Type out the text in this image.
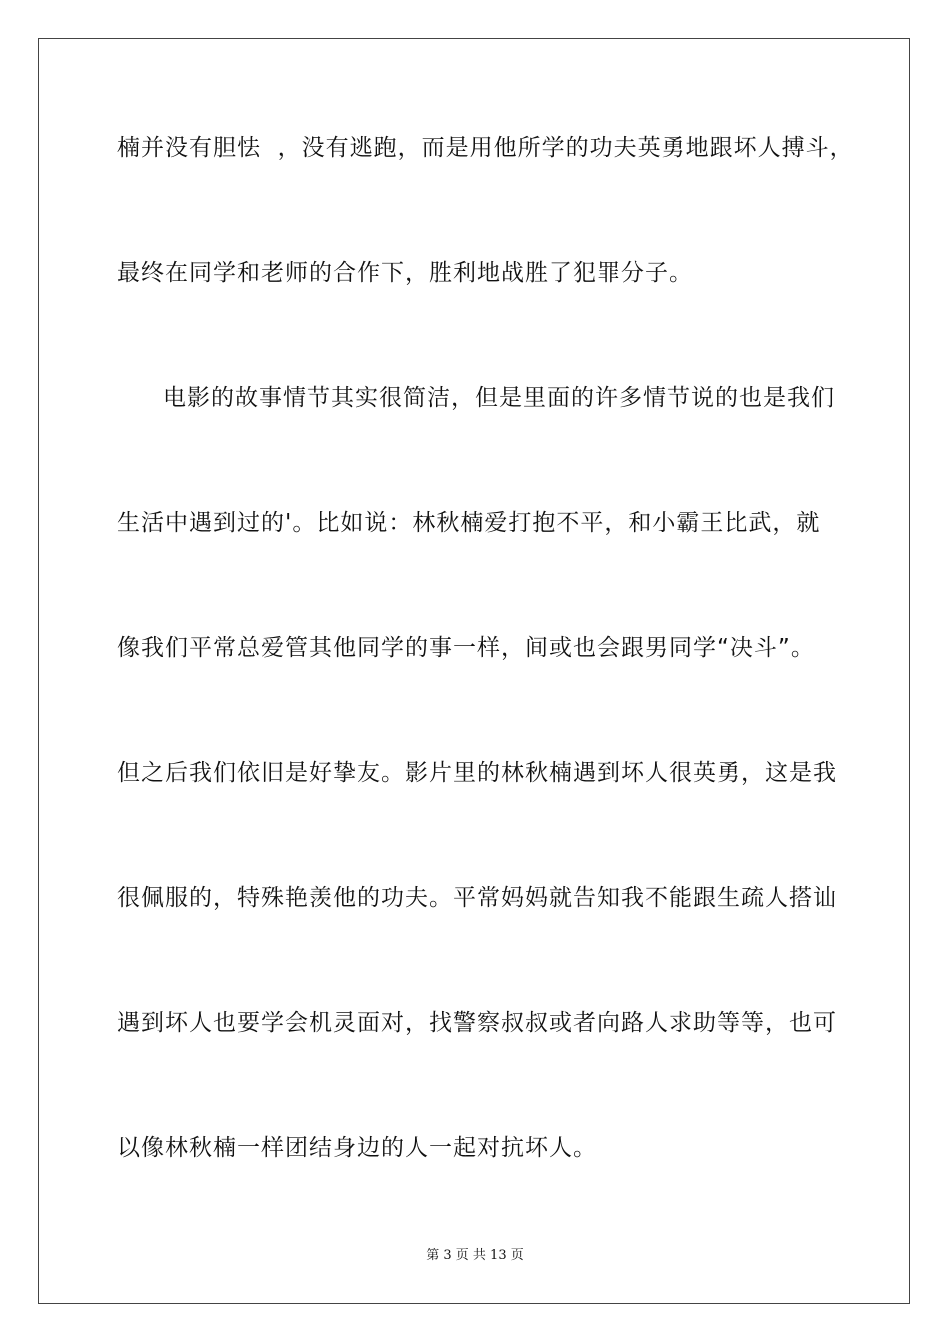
楠并没有胆怯  ，没有逃跑，而是用他所学的功夫英勇地跟坏人搏斗，
最终在同学和老师的合作下，胜利地战胜了犯罪分子。
电影的故事情节其实很简洁，但是里面的许多情节说的也是我们
生活中遇到过的'。比如说：林秋楠爱打抱不平，和小霸王比武，就
像我们平常总爱管其他同学的事一样，间或也会跟男同学“决斗”。
但之后我们依旧是好挚友。影片里的林秋楠遇到坏人很英勇，这是我
很佩服的，特殊艳羡他的功夫。平常妈妈就告知我不能跟生疏人搭讪
遇到坏人也要学会机灵面对，找警察叔叔或者向路人求助等等，也可
以像林秋楠一样团结身边的人一起对抗坏人。
第 3 页 共 13 页
